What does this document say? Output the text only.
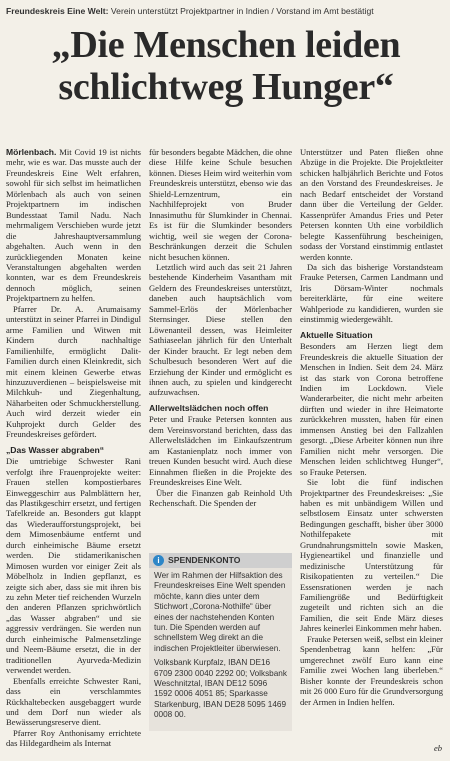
Freundeskreis Eine Welt: Verein unterstützt Projektpartner in Indien / Vorstand im Amt bestätigt
„Die Menschen leiden schlichtweg Hunger“

Mörlenbach. Mit Covid 19 ist nichts mehr, wie es war. Das musste auch der Freundeskreis Eine Welt erfahren, sowohl für sich selbst im heimatlichen Mörlenbach als auch von seinen Projektpartnern im indischen Bundesstaat Tamil Nadu. Nach mehrmaligem Verschieben wurde jetzt die Jahreshauptversammlung abgehalten. Auch wenn in den zurückliegenden Monaten keine Veranstaltungen abgehalten werden konnten, war es dem Freundeskreis dennoch möglich, seinen Projektpartnern zu helfen.

Pfarrer Dr. A. Arumaisamy unterstützt in seiner Pfarrei in Dindigul arme Familien und Witwen mit Kindern durch nachhaltige Familienhilfe, ermöglicht Dalit-Familien durch einen Kleinkredit, sich mit einem kleinen Gewerbe etwas hinzuzuverdienen – beispielsweise mit Milchkuh- und Ziegenhaltung, Näharbeiten oder Schmuckherstellung. Auch wird derzeit wieder ein Kuhprojekt durch Gelder des Freundeskreises gefördert.

„Das Wasser abgraben“

Die umtriebige Schwester Rani verfolgt ihre Frauenprojekte weiter: Frauen stellen kompostierbares Einweggeschirr aus Palmblättern her, das Plastikgeschirr ersetzt, und fertigen Tafelkreide an. Besonders gut klappt das Wiederaufforstungsprojekt, bei dem Mimosenbäume entfernt und durch einheimische Bäume ersetzt werden. Die stidamerikanischen Mimosen wurden vor einiger Zeit als Möbelholz in Indien gepflanzt, es zeigte sich aber, dass sie mit ihren bis zu zehn Meter tief reichenden Wurzeln den anderen Pflanzen sprichwörtlich „das Wasser abgraben“ und sie aggressiv verdrängen. Sie werden nun durch einheimische Palmensetzlinge und Neem-Bäume ersetzt, die in der traditionellen Ayurveda-Medizin verwendet werden.

Ebenfalls erreichte Schwester Rani, dass ein verschlammtes Rückhaltebecken ausgebaggert wurde und dem Dorf nun wieder als Bewässerungsreserve dient.

Pfarrer Roy Anthonisamy errichtete das Hildegardheim als Internat

für besonders begabte Mädchen, die ohne diese Hilfe keine Schule besuchen können. Dieses Heim wird weiterhin vom Freundeskreis unterstützt, ebenso wie das Shield-Lernzentrum, ein Nachhilfeprojekt von Bruder Innasimuthu für Slumkinder in Chennai. Es ist für die Slumkinder besonders wichtig, weil sie wegen der Corona-Beschränkungen derzeit die Schulen nicht besuchen können.

Letztlich wird auch das seit 21 Jahren bestehende Kinderheim Vasantham mit Geldern des Freundeskreises unterstützt, daneben auch hauptsächlich vom Sammel-Erlös der Mörlenbacher Sternsinger. Diese stellen den Löwenanteil dessen, was Heimleiter Sathiaseelan jährlich für den Unterhalt der Kinder braucht. Er legt neben dem Schulbesuch besonderen Wert auf die Erziehung der Kinder und ermöglicht es ihnen auch, zu spielen und kindgerecht aufzuwachsen.

Allerweltslädchen noch offen

Peter und Frauke Petersen konnten aus dem Vereinsvorstand berichten, dass das Allerweltslädchen im Einkaufszentrum am Kastanienplatz noch immer von treuen Kunden besucht wird. Auch diese Einnahmen fließen in die Projekte des Freundeskreises Eine Welt.

Über die Finanzen gab Reinhold Uth Rechenschaft. Die Spenden der

i SPENDENKONTO

Wer im Rahmen der Hilfsaktion des Freundeskreises Eine Welt spenden möchte, kann dies unter dem Stichwort „Corona-Nothilfe“ über eines der nachstehenden Konten tun. Die Spenden werden auf schnellstem Weg direkt an die indischen Projektleiter überwiesen.

Volksbank Kurpfalz, IBAN DE16 6709 2300 0040 2292 00; Volksbank Weschnitztal, IBAN DE12 5096 1592 0006 4051 85; Sparkasse Starkenburg, IBAN DE28 5095 1469 0008 00.

Unterstützer und Paten fließen ohne Abzüge in die Projekte. Die Projektleiter schicken halbjährlich Berichte und Fotos an den Vorstand des Freundeskreises. Je nach Bedarf entscheidet der Vorstand dann über die Verteilung der Gelder. Kassenprüfer Amandus Fries und Peter Petersen konnten Uth eine vorbildlich belegte Kassenführung bescheinigen, sodass der Vorstand einstimmig entlastet werden konnte.

Da sich das bisherige Vorstandsteam Frauke Petersen, Carmen Landmann und Iris Dörsam-Winter nochmals bereiterklärte, für eine weitere Wahlperiode zu kandidieren, wurden sie einstimmig wiedergewählt.

Aktuelle Situation

Besonders am Herzen liegt dem Freundeskreis die aktuelle Situation der Menschen in Indien. Seit dem 24. März ist das stark von Corona betroffene Indien im Lockdown. Viele Wanderarbeiter, die nicht mehr arbeiten dürften und wieder in ihre Heimatorte zurückkehren mussten, haben für einen immensen Anstieg bei den Fallzahlen gesorgt. „Diese Arbeiter können nun ihre Familien nicht mehr versorgen. Die Menschen leiden schlichtweg Hunger“, so Frauke Petersen.

Sie lobt die fünf indischen Projektpartner des Freundeskreises: „Sie haben es mit unbändigem Willen und selbstlosem Einsatz unter schwersten Bedingungen geschafft, bisher über 3000 Nothilfepakete mit Grundnahrungsmitteln sowie Masken, Hygieneartikel und finanzielle und medizinische Unterstützung für Risikopatienten zu verteilen.“ Die Essensrationen werden je nach Familiengröße und Bedürftigkeit zugeteilt und richten sich an die Familien, die seit Ende März dieses Jahres keinerlei Einkommen mehr haben.

Frauke Petersen weiß, selbst ein kleiner Spendenbetrag kann helfen: „Für umgerechnet zwölf Euro kann eine Familie zwei Wochen lang überleben.“ Bisher konnte der Freundeskreis schon mit 26 000 Euro für die Grundversorgung der Armen in Indien helfen.

eb
